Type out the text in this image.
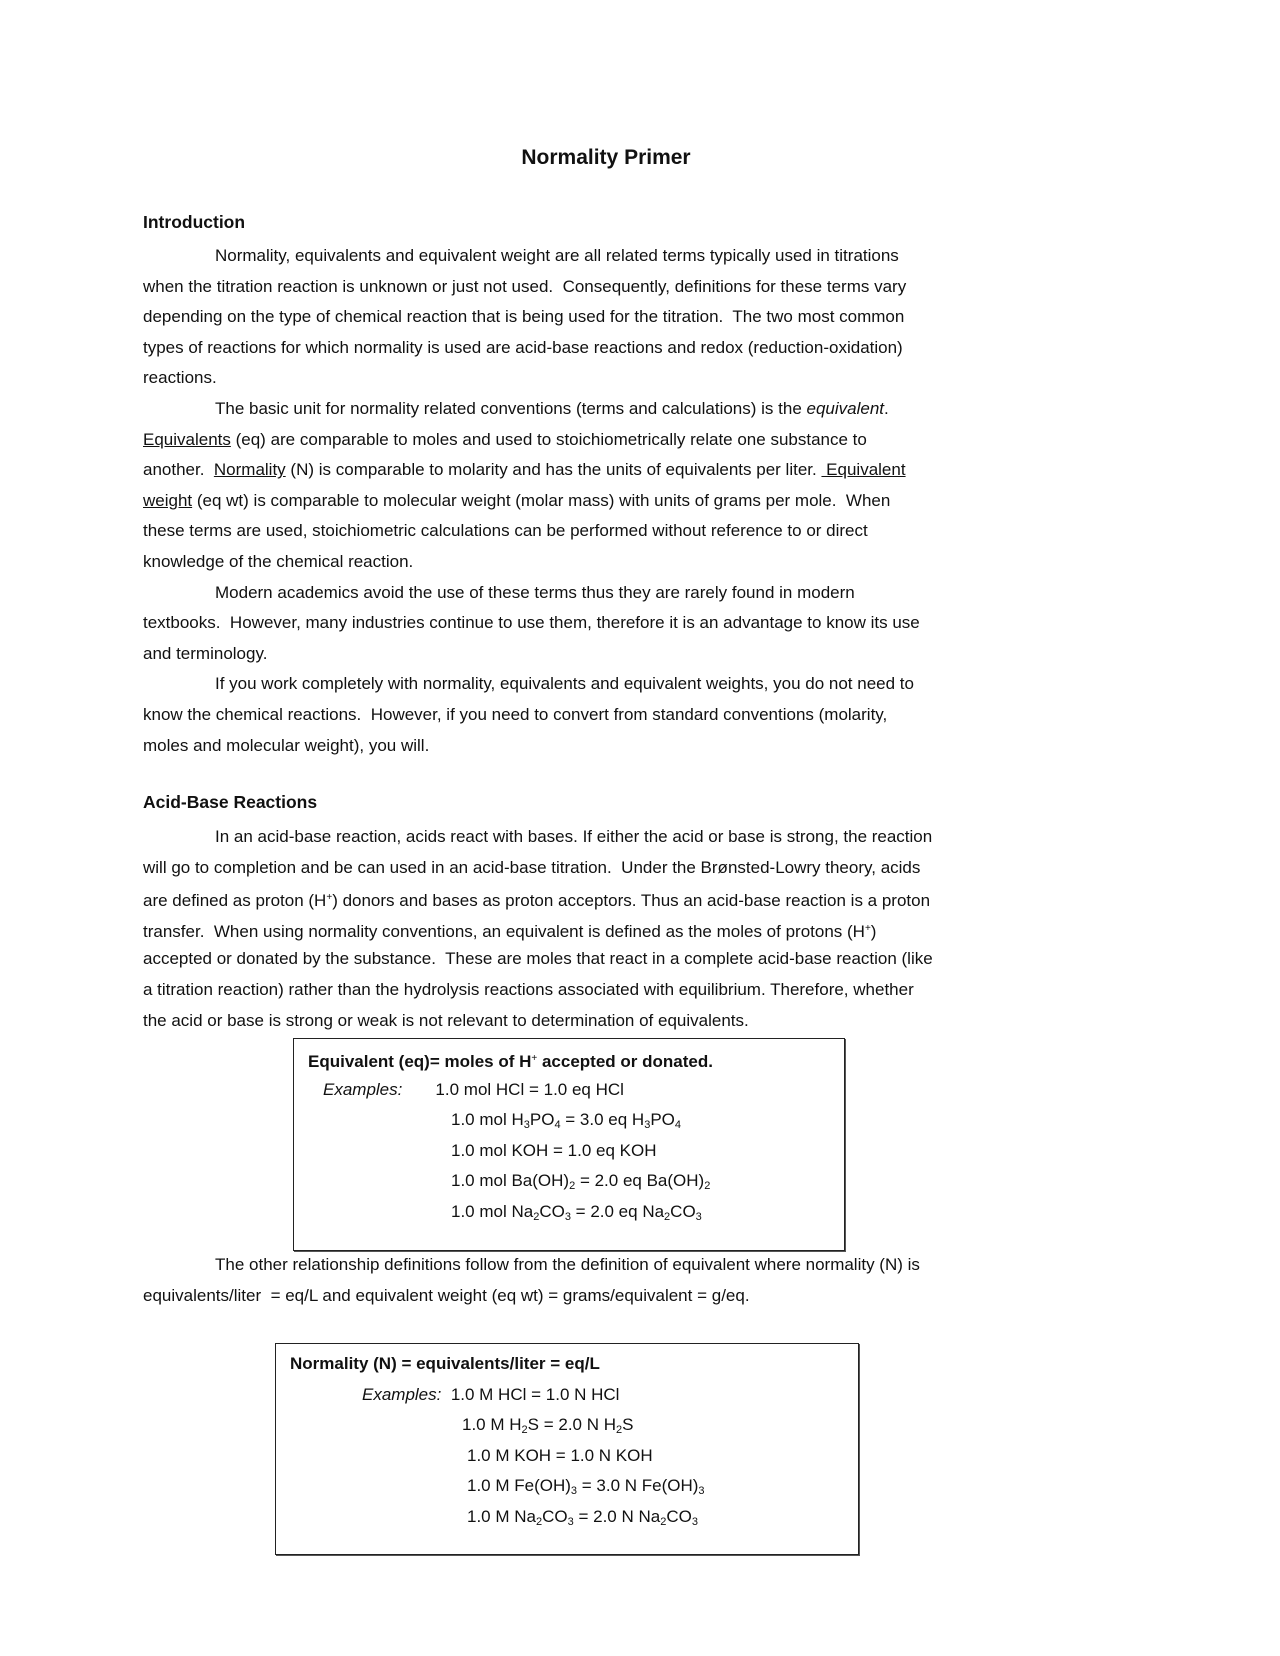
Normality Primer
Introduction
Normality, equivalents and equivalent weight are all related terms typically used in titrations
when the titration reaction is unknown or just not used.  Consequently, definitions for these terms vary
depending on the type of chemical reaction that is being used for the titration.  The two most common
types of reactions for which normality is used are acid-base reactions and redox (reduction-oxidation)
reactions.
The basic unit for normality related conventions (terms and calculations) is the equivalent.
Equivalents (eq) are comparable to moles and used to stoichiometrically relate one substance to
another.  Normality (N) is comparable to molarity and has the units of equivalents per liter.  Equivalent
weight (eq wt) is comparable to molecular weight (molar mass) with units of grams per mole.  When
these terms are used, stoichiometric calculations can be performed without reference to or direct
knowledge of the chemical reaction.
Modern academics avoid the use of these terms thus they are rarely found in modern
textbooks.  However, many industries continue to use them, therefore it is an advantage to know its use
and terminology.
If you work completely with normality, equivalents and equivalent weights, you do not need to
know the chemical reactions.  However, if you need to convert from standard conventions (molarity,
moles and molecular weight), you will.
Acid-Base Reactions
In an acid-base reaction, acids react with bases. If either the acid or base is strong, the reaction
will go to completion and be can used in an acid-base titration.  Under the Brønsted-Lowry theory, acids
are defined as proton (H+) donors and bases as proton acceptors. Thus an acid-base reaction is a proton
transfer.  When using normality conventions, an equivalent is defined as the moles of protons (H+)
accepted or donated by the substance.  These are moles that react in a complete acid-base reaction (like
a titration reaction) rather than the hydrolysis reactions associated with equilibrium. Therefore, whether
the acid or base is strong or weak is not relevant to determination of equivalents.
Equivalent (eq)= moles of H+ accepted or donated.
Examples:       1.0 mol HCl = 1.0 eq HCl
1.0 mol $H_3PO_4 = 3.0$ eq $H_3PO_4$
1.0 mol KOH = 1.0 eq KOH
1.0 mol $Ba(OH)_2 = 2.0$ eq $Ba(OH)_2$
1.0 mol $Na_2CO_3 = 2.0$ eq $Na_2CO_3$
The other relationship definitions follow from the definition of equivalent where normality (N) is
equivalents/liter  = eq/L and equivalent weight (eq wt) = grams/equivalent = g/eq.
Normality (N) = equivalents/liter = eq/L
Examples:  1.0 M HCl = 1.0 N HCl
1.0 M $H_2S = 2.0$ N $H_2S$
1.0 M KOH = 1.0 N KOH
1.0 M $Fe(OH)_3 = 3.0$ N $Fe(OH)_3$
1.0 M $Na_2CO_3 = 2.0$ N $Na_2CO_3$
